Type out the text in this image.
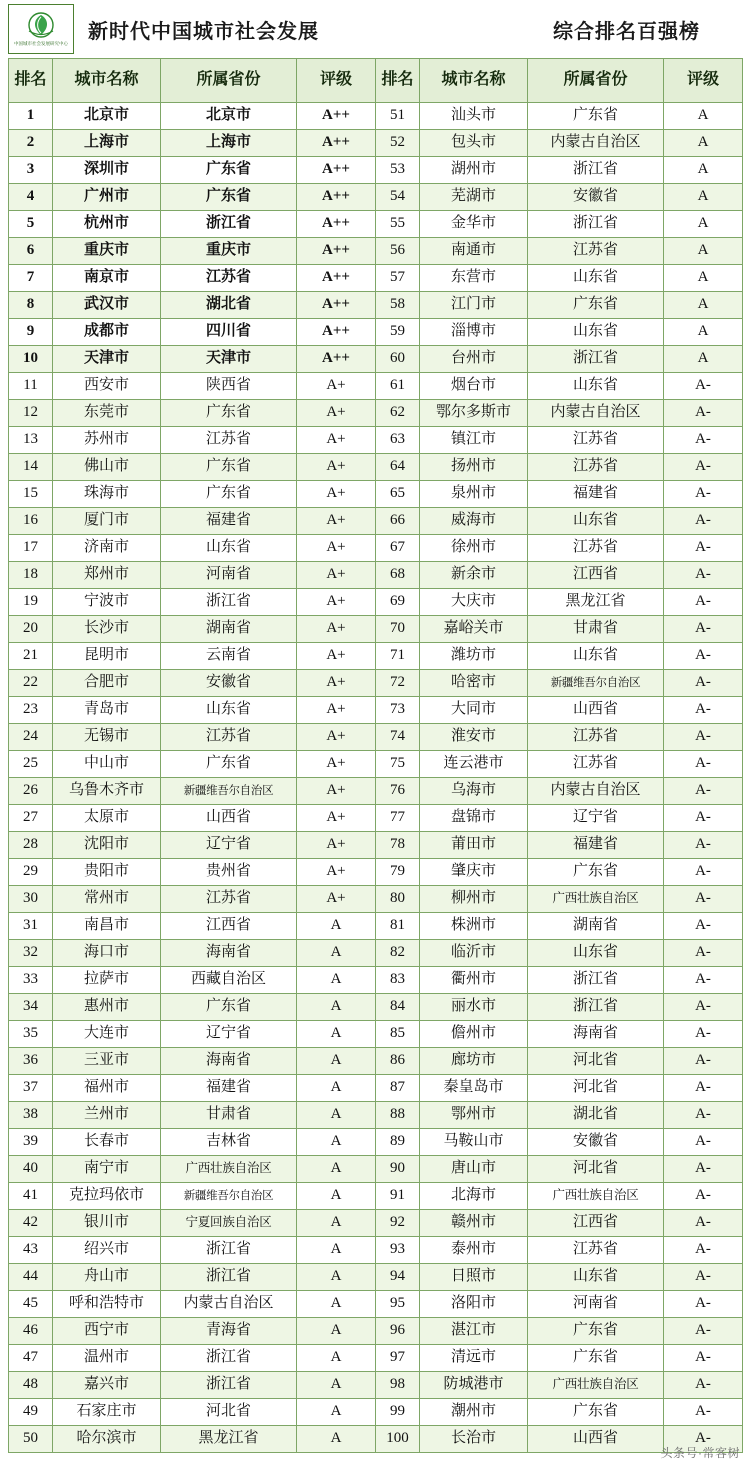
中国城市社会发展研究中心
新时代中国城市社会发展	综合排名百强榜
排名	城市名称	所属省份	评级	排名	城市名称	所属省份	评级
1	北京市	北京市	A++	51	汕头市	广东省	A
2	上海市	上海市	A++	52	包头市	内蒙古自治区	A
3	深圳市	广东省	A++	53	湖州市	浙江省	A
4	广州市	广东省	A++	54	芜湖市	安徽省	A
5	杭州市	浙江省	A++	55	金华市	浙江省	A
6	重庆市	重庆市	A++	56	南通市	江苏省	A
7	南京市	江苏省	A++	57	东营市	山东省	A
8	武汉市	湖北省	A++	58	江门市	广东省	A
9	成都市	四川省	A++	59	淄博市	山东省	A
10	天津市	天津市	A++	60	台州市	浙江省	A
11	西安市	陕西省	A+	61	烟台市	山东省	A-
12	东莞市	广东省	A+	62	鄂尔多斯市	内蒙古自治区	A-
13	苏州市	江苏省	A+	63	镇江市	江苏省	A-
14	佛山市	广东省	A+	64	扬州市	江苏省	A-
15	珠海市	广东省	A+	65	泉州市	福建省	A-
16	厦门市	福建省	A+	66	威海市	山东省	A-
17	济南市	山东省	A+	67	徐州市	江苏省	A-
18	郑州市	河南省	A+	68	新余市	江西省	A-
19	宁波市	浙江省	A+	69	大庆市	黑龙江省	A-
20	长沙市	湖南省	A+	70	嘉峪关市	甘肃省	A-
21	昆明市	云南省	A+	71	潍坊市	山东省	A-
22	合肥市	安徽省	A+	72	哈密市	新疆维吾尔自治区	A-
23	青岛市	山东省	A+	73	大同市	山西省	A-
24	无锡市	江苏省	A+	74	淮安市	江苏省	A-
25	中山市	广东省	A+	75	连云港市	江苏省	A-
26	乌鲁木齐市	新疆维吾尔自治区	A+	76	乌海市	内蒙古自治区	A-
27	太原市	山西省	A+	77	盘锦市	辽宁省	A-
28	沈阳市	辽宁省	A+	78	莆田市	福建省	A-
29	贵阳市	贵州省	A+	79	肇庆市	广东省	A-
30	常州市	江苏省	A+	80	柳州市	广西壮族自治区	A-
31	南昌市	江西省	A	81	株洲市	湖南省	A-
32	海口市	海南省	A	82	临沂市	山东省	A-
33	拉萨市	西藏自治区	A	83	衢州市	浙江省	A-
34	惠州市	广东省	A	84	丽水市	浙江省	A-
35	大连市	辽宁省	A	85	儋州市	海南省	A-
36	三亚市	海南省	A	86	廊坊市	河北省	A-
37	福州市	福建省	A	87	秦皇岛市	河北省	A-
38	兰州市	甘肃省	A	88	鄂州市	湖北省	A-
39	长春市	吉林省	A	89	马鞍山市	安徽省	A-
40	南宁市	广西壮族自治区	A	90	唐山市	河北省	A-
41	克拉玛依市	新疆维吾尔自治区	A	91	北海市	广西壮族自治区	A-
42	银川市	宁夏回族自治区	A	92	赣州市	江西省	A-
43	绍兴市	浙江省	A	93	泰州市	江苏省	A-
44	舟山市	浙江省	A	94	日照市	山东省	A-
45	呼和浩特市	内蒙古自治区	A	95	洛阳市	河南省	A-
46	西宁市	青海省	A	96	湛江市	广东省	A-
47	温州市	浙江省	A	97	清远市	广东省	A-
48	嘉兴市	浙江省	A	98	防城港市	广西壮族自治区	A-
49	石家庄市	河北省	A	99	潮州市	广东省	A-
50	哈尔滨市	黑龙江省	A	100	长治市	山西省	A-
头条号·常客树
